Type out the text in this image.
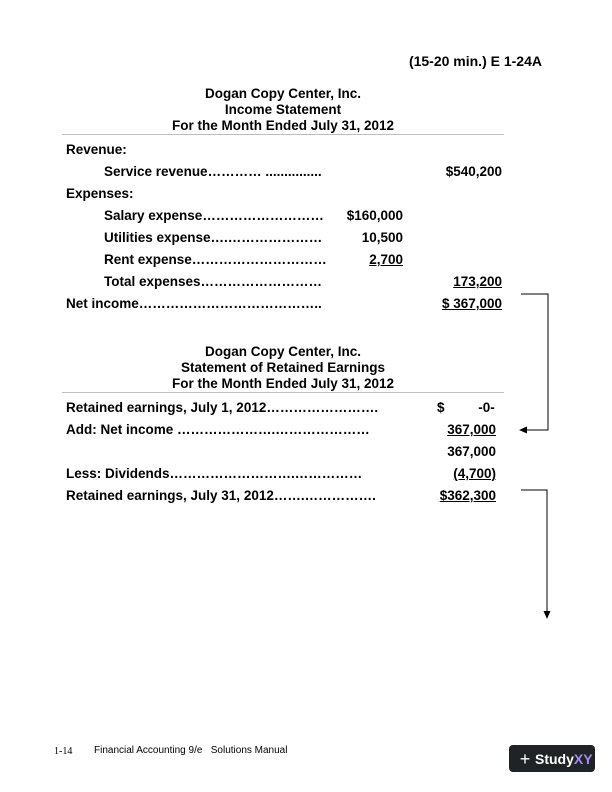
(15-20 min.) E 1-24A
Dogan Copy Center, Inc.
Income Statement
For the Month Ended July 31, 2012
Revenue:
Service revenue………… ...............	$540,200
Expenses:
Salary expense……………………… $160,000
Utilities expense….…………………	10,500
Rent expense…………………………	2,700
Total expenses………………………	173,200
Net income…………………………………..	$ 367,000
Dogan Copy Center, Inc.
Statement of Retained Earnings
For the Month Ended July 31, 2012
Retained earnings, July 1, 2012…………………….	$         -0-
Add: Net income ………………….…………………	367,000
367,000
Less: Dividends……………………….……………	(4,700)
Retained earnings, July 31, 2012…….…………….	$362,300
1-14 Financial Accounting 9/e   Solutions Manual	+ Study XY
